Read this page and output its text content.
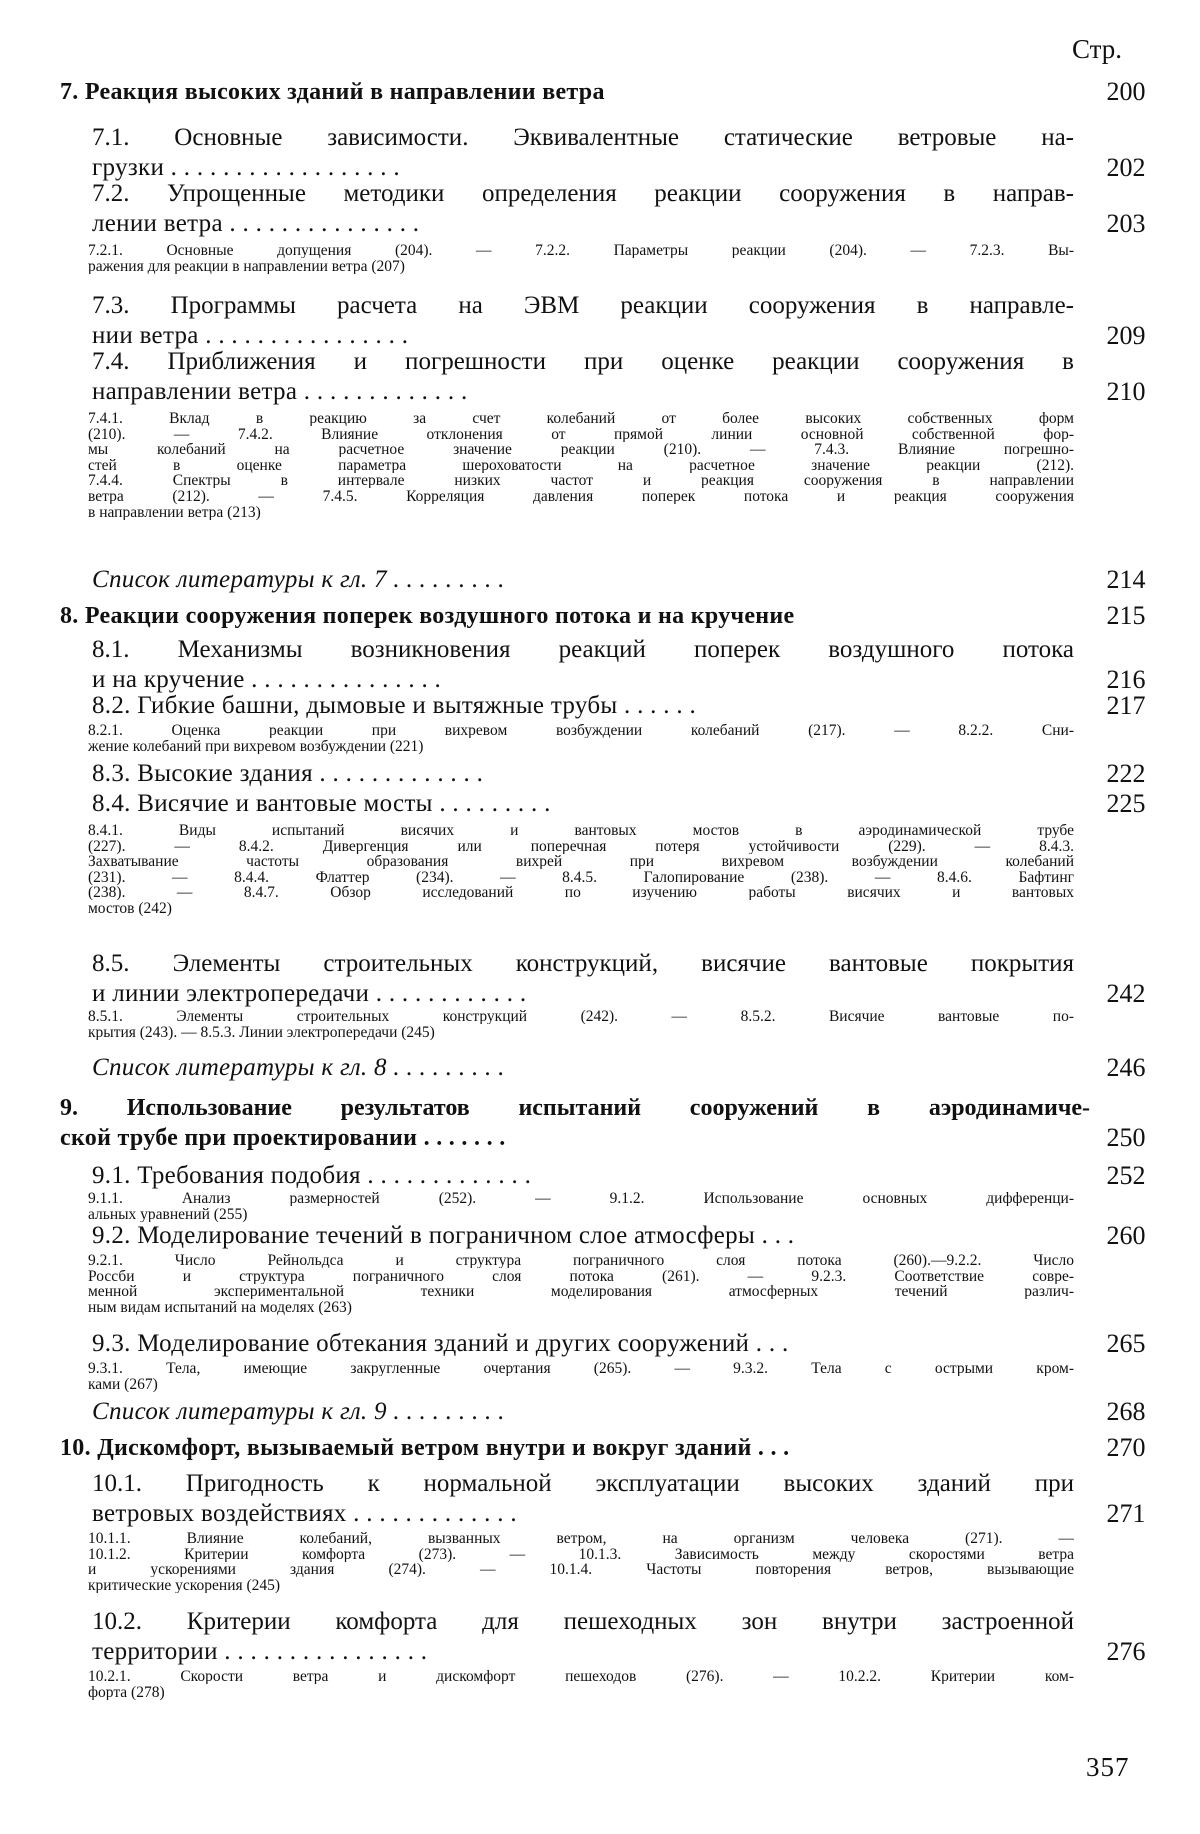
Стр.
7. Реакция высоких зданий в направлении ветра	200
7.1. Основные зависимости. Эквивалентные статические ветровые на-
грузки . . . . . . . . . . . . . . . . . .	202
7.2. Упрощенные методики определения реакции сооружения в направ-
лении ветра . . . . . . . . . . . . . . .	203
7.2.1. Основные допущения (204). — 7.2.2. Параметры реакции (204). — 7.2.3. Вы-
ражения для реакции в направлении ветра (207)
7.3. Программы расчета на ЭВМ реакции сооружения в направле-
нии ветра . . . . . . . . . . . . . . . .	209
7.4. Приближения и погрешности при оценке реакции сооружения в
направлении ветра . . . . . . . . . . . . .	210
7.4.1. Вклад в реакцию за счет колебаний от более высоких собственных форм
(210). — 7.4.2. Влияние отклонения от прямой линии основной собственной фор-
мы колебаний на расчетное значение реакции (210). — 7.4.3. Влияние погрешно-
стей в оценке параметра шероховатости на расчетное значение реакции (212).
7.4.4. Спектры в интервале низких частот и реакция сооружения в направлении
ветра (212). — 7.4.5. Корреляция давления поперек потока и реакция сооружения
в направлении ветра (213)
Список литературы к гл. 7 . . . . . . . . .	214
8. Реакции сооружения поперек воздушного потока и на кручение	215
8.1. Механизмы возникновения реакций поперек воздушного потока
и на кручение . . . . . . . . . . . . . . .	216
8.2. Гибкие башни, дымовые и вытяжные трубы . . . . . .	217
8.2.1. Оценка реакции при вихревом возбуждении колебаний (217). — 8.2.2. Сни-
жение колебаний при вихревом возбуждении (221)
8.3. Высокие здания . . . . . . . . . . . . .	222
8.4. Висячие и вантовые мосты . . . . . . . . .	225
8.4.1. Виды испытаний висячих и вантовых мостов в аэродинамической трубе
(227). — 8.4.2. Дивергенция или поперечная потеря устойчивости (229). — 8.4.3.
Захватывание частоты образования вихрей при вихревом возбуждении колебаний
(231). — 8.4.4. Флаттер (234). — 8.4.5. Галопирование (238). — 8.4.6. Бафтинг
(238). — 8.4.7. Обзор исследований по изучению работы висячих и вантовых
мостов (242)
8.5. Элементы строительных конструкций, висячие вантовые покрытия
и линии электропередачи . . . . . . . . . . . .	242
8.5.1. Элементы строительных конструкций (242). — 8.5.2. Висячие вантовые по-
крытия (243). — 8.5.3. Линии электропередачи (245)
Список литературы к гл. 8 . . . . . . . . .	246
9. Использование результатов испытаний сооружений в аэродинамиче-
ской трубе при проектировании . . . . . . .	250
9.1. Требования подобия . . . . . . . . . . . . .	252
9.1.1. Анализ размерностей (252). — 9.1.2. Использование основных дифференци-
альных уравнений (255)
9.2. Моделирование течений в пограничном слое атмосферы . . .	260
9.2.1. Число Рейнольдса и структура пограничного слоя потока (260).—9.2.2. Число
Россби и структура пограничного слоя потока (261). — 9.2.3. Соответствие совре-
менной экспериментальной техники моделирования атмосферных течений различ-
ным видам испытаний на моделях (263)
9.3. Моделирование обтекания зданий и других сооружений . . .	265
9.3.1. Тела, имеющие закругленные очертания (265). — 9.3.2. Тела с острыми кром-
ками (267)
Список литературы к гл. 9 . . . . . . . . .	268
10. Дискомфорт, вызываемый ветром внутри и вокруг зданий . . .	270
10.1. Пригодность к нормальной эксплуатации высоких зданий при
ветровых воздействиях . . . . . . . . . . . . .	271
10.1.1. Влияние колебаний, вызванных ветром, на организм человека (271). —
10.1.2. Критерии комфорта (273). — 10.1.3. Зависимость между скоростями ветра
и ускорениями здания (274). — 10.1.4. Частоты повторения ветров, вызывающие
критические ускорения (245)
10.2. Критерии комфорта для пешеходных зон внутри застроенной
территории . . . . . . . . . . . . . . . .	276
10.2.1. Скорости ветра и дискомфорт пешеходов (276). — 10.2.2. Критерии ком-
форта (278)
357
